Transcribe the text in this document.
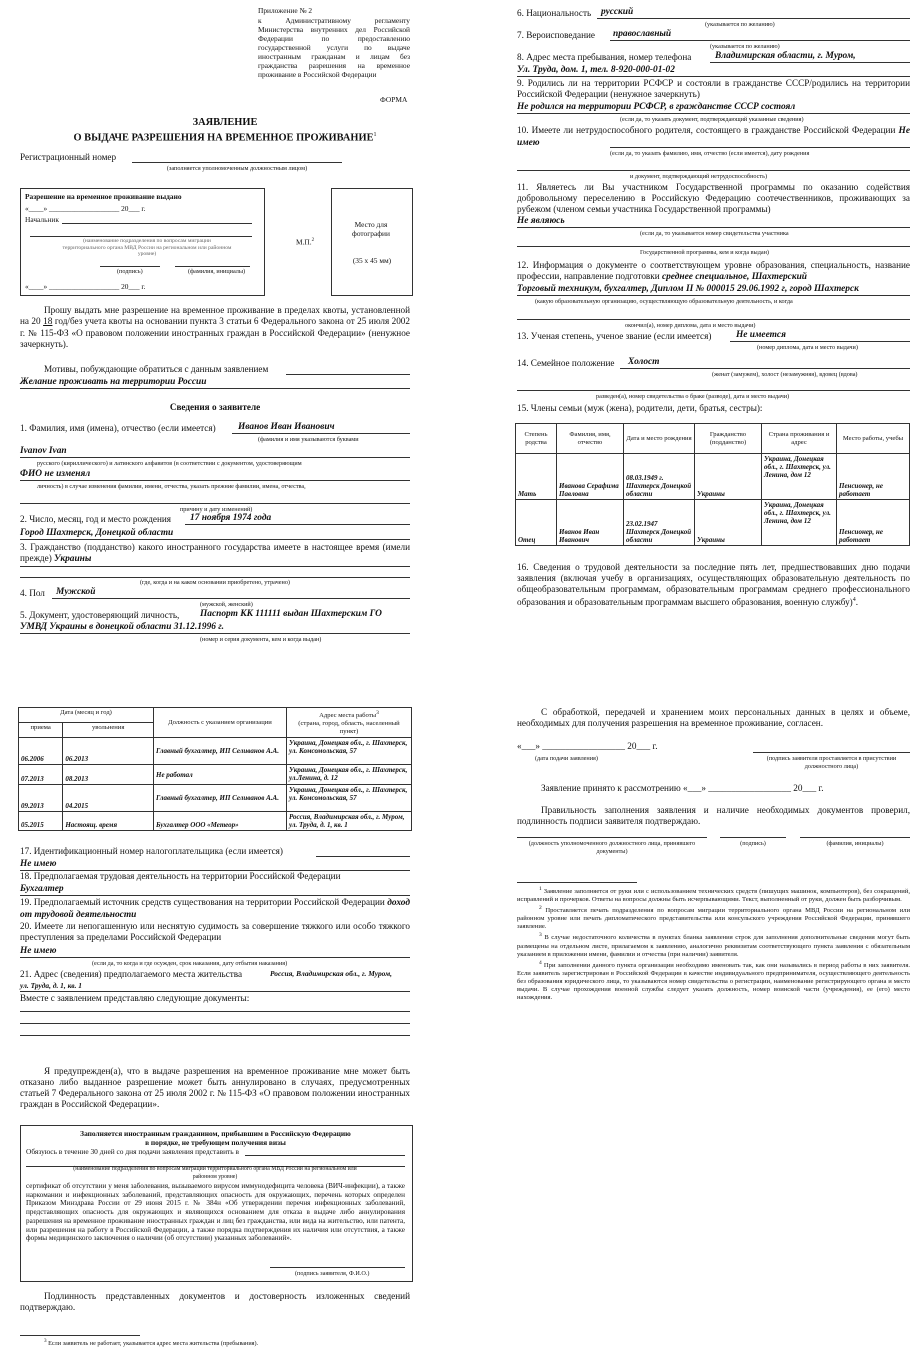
Приложение № 2
к Административному регламенту Министерства внутренних дел Российской Федерации по предоставлению государственной услуги по выдаче иностранным гражданам и лицам без гражданства разрешения на временное проживание в Российской Федерации
ФОРМА
ЗАЯВЛЕНИЕ
О ВЫДАЧЕ РАЗРЕШЕНИЯ НА ВРЕМЕННОЕ ПРОЖИВАНИЕ$^1$
Регистрационный номер
(заполняется уполномоченным должностным лицом)
Разрешение на временное проживание выдано
«____» ___________________ 20___ г.
Начальник
(наименование подразделения по вопросам миграции территориального органа МВД России на региональном или районном уровне)
(подпись)	(фамилия, инициалы)
«____» ___________________ 20___ г.
М.П.$^2$
Место для фотографии
(35 х 45 мм)
Прошу выдать мне разрешение на временное проживание в пределах квоты, установленной на 20 18 год/без учета квоты на основании пункта 3 статьи 6 Федерального закона от 25 июля 2002 г. № 115-ФЗ «О правовом положении иностранных граждан в Российской Федерации» (ненужное зачеркнуть).
Мотивы, побуждающие обратиться с данным заявлением
Желание проживать на территории России
Сведения о заявителе
1. Фамилия, имя (имена), отчество (если имеется) Иванов Иван Иванович
(фамилия и имя указываются буквами
Ivanov Ivan
русского (кириллического) и латинского алфавитов (в соответствии с документом, удостоверяющим
ФИО не изменял
личность) в случае изменения фамилии, имени, отчества, указать прежние фамилии, имена, отчества,
причину и дату изменений)
2. Число, месяц, год и место рождения 17 ноября 1974 года
Город Шахтерск, Донецкой области
3. Гражданство (подданство) какого иностранного государства имеете в настоящее время (имели прежде) Украины
(где, когда и на каком основании приобретено, утрачено)
4. Пол Мужской
(мужской, женский)
5. Документ, удостоверяющий личность, Паспорт КК 111111 выдан Шахтерским ГО
УМВД Украины в донецкой области 31.12.1996 г.
(номер и серия документа, кем и когда выдан)
Дата (месяц и год)		Должность с указанием организации	Адрес места работы$^3$
(страна, город, область, населенный пункт)
приема	увольнения		
06.2006	06.2013	Главный бухгалтер, ИП Селиванов А.А.	Украина, Донецкая обл., г. Шахтерск, ул. Комсомольская, 57
07.2013	08.2013	Не работал	Украина, Донецкая обл., г. Шахтерск, ул.Ленина, д. 12
09.2013	04.2015	Главный бухгалтер, ИП Селиванов А.А.	Украина, Донецкая обл., г. Шахтерск, ул. Комсомольская, 57
05.2015	Настоящ. время	Бухгалтер ООО «Метеор»	Россия, Владимирская обл., г. Муром, ул. Труда, д. 1, кв. 1
17. Идентификационный номер налогоплательщика (если имеется)
Не имею
18. Предполагаемая трудовая деятельность на территории Российской Федерации
Бухгалтер
19. Предполагаемый источник средств существования на территории Российской Федерации доход от трудовой деятельности
20. Имеете ли непогашенную или неснятую судимость за совершение тяжкого или особо тяжкого преступления за пределами Российской Федерации
Не имею
(если да, то когда и где осужден, срок наказания, дату отбытия наказания)
21. Адрес (сведения) предполагаемого места жительства	Россия, Владимирская обл., г. Муром,
ул. Труда, д. 1, кв. 1
Вместе с заявлением представляю следующие документы:
Я предупрежден(а), что в выдаче разрешения на временное проживание мне может быть отказано либо выданное разрешение может быть аннулировано в случаях, предусмотренных статьей 7 Федерального закона от 25 июля 2002 г. № 115-ФЗ «О правовом положении иностранных граждан в Российской Федерации».
Заполняется иностранным гражданином, прибывшим в Российскую Федерацию
в порядке, не требующем получения визы
Обязуюсь в течение 30 дней со дня подачи заявления представить в
(наименование подразделения по вопросам миграции территориального органа МВД России на региональном или районном уровне)
сертификат об отсутствии у меня заболевания, вызываемого вирусом иммунодефицита человека (ВИЧ-инфекции), а также наркомании и инфекционных заболеваний, представляющих опасность для окружающих, перечень которых определен Приказом Минздрава России от 29 июня 2015 г. № 384н «Об утверждении перечня инфекционных заболеваний, представляющих опасность для окружающих и являющихся основанием для отказа в выдаче либо аннулирования разрешения на временное проживание иностранных граждан и лиц без гражданства, или вида на жительство, или патента, или разрешения на работу в Российской Федерации, а также порядка подтверждения их наличия или отсутствия, а также формы медицинского заключения о наличии (об отсутствии) указанных заболеваний».
(подпись заявителя, Ф.И.О.)
Подлинность представленных документов и достоверность изложенных сведений подтверждаю.
$^3$ Если заявитель не работает, указывается адрес места жительства (пребывания).
6. Национальность русский
(указывается по желанию)
7. Вероисповедание православный
(указывается по желанию)
8. Адрес места пребывания, номер телефона	Владимирская области, г. Муром,
Ул. Труда, дом. 1, тел. 8-920-000-01-02
9. Родились ли на территории РСФСР и состояли в гражданстве СССР/родились на территории Российской Федерации (ненужное зачеркнуть)
Не родился на территории РСФСР, в гражданстве СССР состоял
(если да, то указать документ, подтверждающий указанные сведения)
10. Имеете ли нетрудоспособного родителя, состоящего в гражданстве Российской Федерации Не имею
(если да, то указать фамилию, имя, отчество (если имеется), дату рождения
и документ, подтверждающий нетрудоспособность)
11. Являетесь ли Вы участником Государственной программы по оказанию содействия добровольному переселению в Российскую Федерацию соотечественников, проживающих за рубежом (членом семьи участника Государственной программы)
Не являюсь
(если да, то указывается номер свидетельства участника
Государственной программы, кем и когда выдан)
12. Информация о документе о соответствующем уровне образования, специальность, название профессии, направление подготовки среднее специальное, Шахтерский
Торговый техникум, бухгалтер, Диплом II № 000015 29.06.1992 г, город Шахтерск
(какую образовательную организацию, осуществляющую образовательную деятельность, и когда
окончил(а), номер диплома, дата и место выдачи)
13. Ученая степень, ученое звание (если имеется)	Не имеется
(номер диплома, дата и место выдачи)
14. Семейное положение Холост
(женат (замужем), холост (незамужняя), вдовец (вдова)
разведен(а), номер свидетельства о браке (разводе), дата и место выдачи)
15. Члены семьи (муж (жена), родители, дети, братья, сестры):
Степень родства	Фамилия, имя, отчество	Дата и место рождения	Гражданство (подданство)	Страна проживания и адрес	Место работы, учебы
Мать	Иванова Серафима Павловна	08.03.1949 г. Шахтерск Донецкой области	Украины	Украина, Донецкая обл., г. Шахтерск, ул. Ленина, дом 12	Пенсионер, не работает
Отец	Иванов Иван Иванович	23.02.1947 Шахтерск Донецкой области	Украины	Украина, Донецкая обл., г. Шахтерск, ул. Ленина, дом 12	Пенсионер, не работает
16. Сведения о трудовой деятельности за последние пять лет, предшествовавших дню подачи заявления (включая учебу в организациях, осуществляющих образовательную деятельность по общеобразовательным программам, образовательным программам среднего профессионального образования и образовательным программам высшего образования, военную службу)$^4$.
С обработкой, передачей и хранением моих персональных данных в целях и объеме, необходимых для получения разрешения на временное проживание, согласен.
«___» __________________ 20___ г.
(дата подачи заявления)	(подпись заявителя проставляется в присутствии должностного лица)
Заявление принято к рассмотрению «___» __________________ 20___ г.
Правильность заполнения заявления и наличие необходимых документов проверил, подлинность подписи заявителя подтверждаю.
(должность уполномоченного должностного лица, принявшего документы)
(подпись)	(фамилия, инициалы)
$^1$ Заявление заполняется от руки или с использованием технических средств (пишущих машинок, компьютеров), без сокращений, исправлений и прочерков. Ответы на вопросы должны быть исчерпывающими. Текст, выполненный от руки, должен быть разборчивым.
$^2$ Проставляется печать подразделения по вопросам миграции территориального органа МВД России на региональном или районном уровне или печать дипломатического представительства или консульского учреждения Российской Федерации, принявшего заявление.
$^3$ В случае недостаточного количества в пунктах бланка заявления строк для заполнения дополнительные сведения могут быть размещены на отдельном листе, прилагаемом к заявлению, аналогично реквизитам соответствующего пункта заявления с обязательным указанием в приложении имени, фамилии и отчества (при наличии) заявителя.
$^4$ При заполнении данного пункта организации необходимо именовать так, как они назывались в период работы в них заявителя. Если заявитель зарегистрирован в Российской Федерации в качестве индивидуального предпринимателя, осуществляющего деятельность без образования юридического лица, то указываются номер свидетельства о регистрации, наименование регистрирующего органа и место выдачи. В случае прохождения военной службы следует указать должность, номер воинской части (учреждения), ее (его) место нахождения.
